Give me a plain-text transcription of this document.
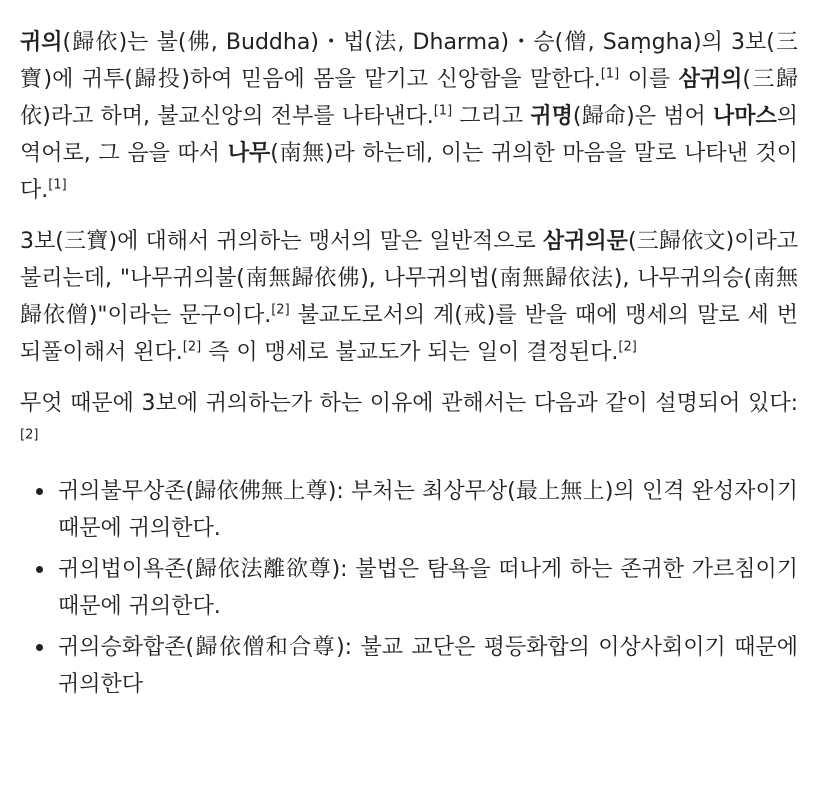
귀의(歸依)는 불(佛, Buddha)・법(法, Dharma)・승(僧, Saṃgha)의 3보(三寶)에 귀투(歸投)하여 믿음에 몸을 맡기고 신앙함을 말한다.[1] 이를 삼귀의(三歸依)라고 하며, 불교신앙의 전부를 나타낸다.[1] 그리고 귀명(歸命)은 범어 나마스의 역어로, 그 음을 따서 나무(南無)라 하는데, 이는 귀의한 마음을 말로 나타낸 것이다.[1]

3보(三寶)에 대해서 귀의하는 맹서의 말은 일반적으로 삼귀의문(三歸依文)이라고 불리는데, "나무귀의불(南無歸依佛), 나무귀의법(南無歸依法), 나무귀의승(南無歸依僧)"이라는 문구이다.[2] 불교도로서의 계(戒)를 받을 때에 맹세의 말로 세 번 되풀이해서 왼다.[2] 즉 이 맹세로 불교도가 되는 일이 결정된다.[2]

무엇 때문에 3보에 귀의하는가 하는 이유에 관해서는 다음과 같이 설명되어 있다:[2]

귀의불무상존(歸依佛無上尊): 부처는 최상무상(最上無上)의 인격 완성자이기 때문에 귀의한다.
귀의법이욕존(歸依法離欲尊): 불법은 탐욕을 떠나게 하는 존귀한 가르침이기 때문에 귀의한다.
귀의승화합존(歸依僧和合尊): 불교 교단은 평등화합의 이상사회이기 때문에 귀의한다
